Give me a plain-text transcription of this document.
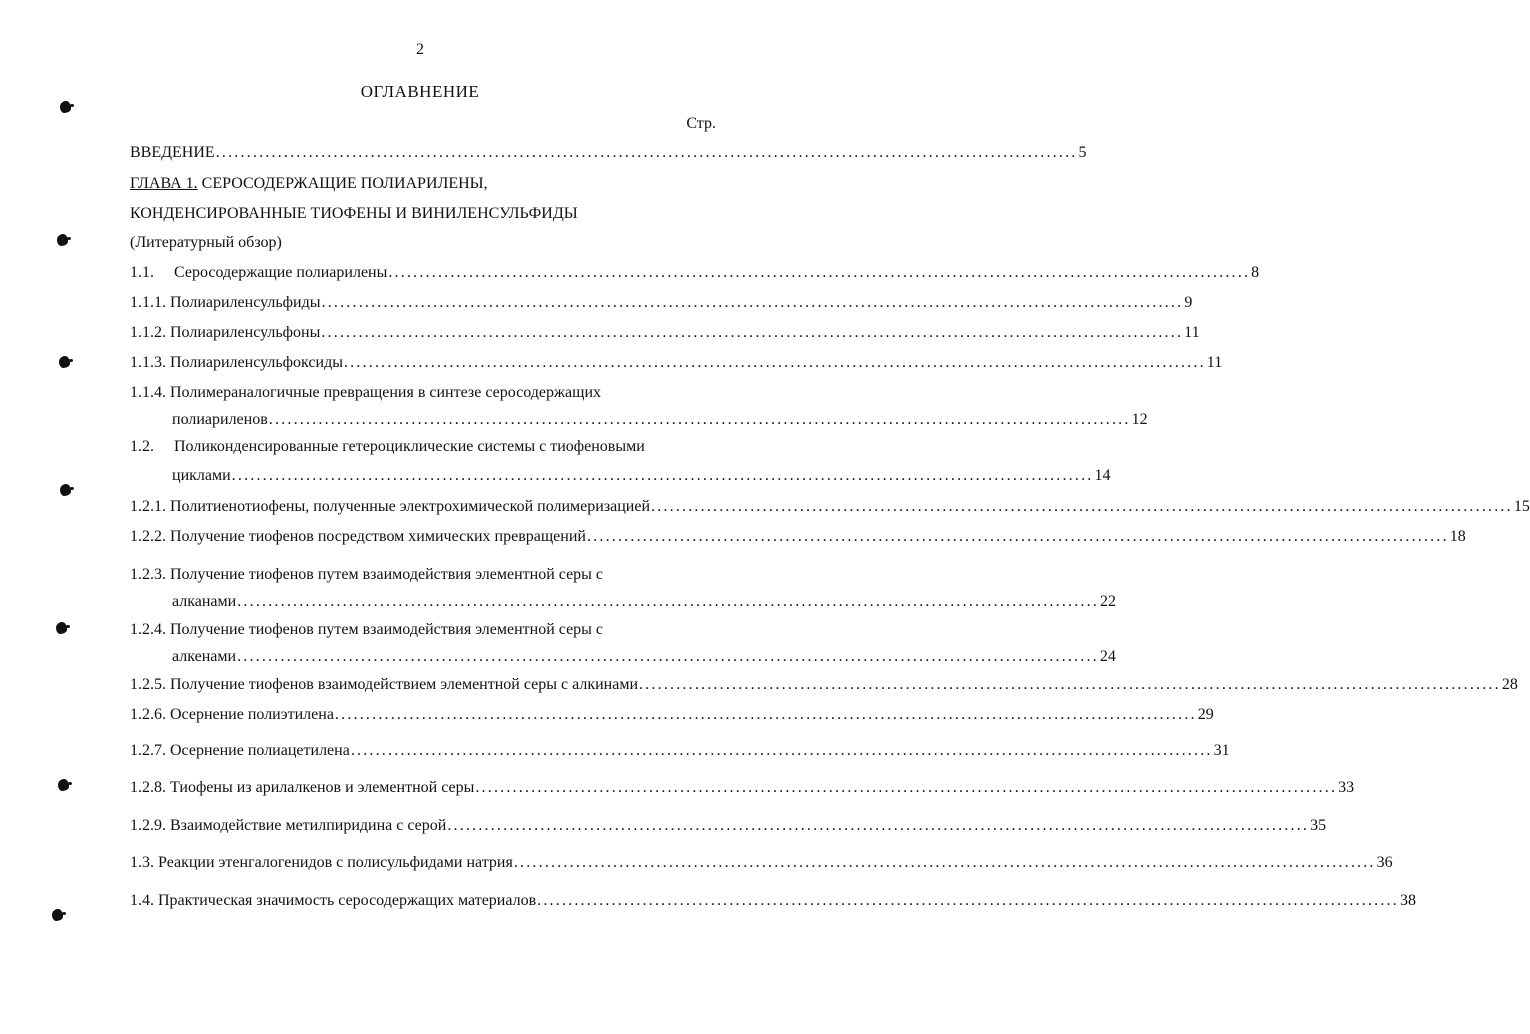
2
ОГЛАВНЕНИЕ
Стр.
ВВЕДЕНИЕ ........................................................................................................................................... 5
ГЛАВА 1. СЕРОСОДЕРЖАЩИЕ ПОЛИАРИЛЕНЫ,
КОНДЕНСИРОВАННЫЕ ТИОФЕНЫ И ВИНИЛЕНСУЛЬФИДЫ
(Литературный обзор)
1.1.     Серосодержащие полиарилены ........................................................................................................................................... 8
1.1.1. Полиариленсульфиды ........................................................................................................................................... 9
1.1.2. Полиариленсульфоны ........................................................................................................................................... 11
1.1.3. Полиариленсульфоксиды ........................................................................................................................................... 11
1.1.4. Полимераналогичные превращения в синтезе серосодержащих
полиариленов ........................................................................................................................................... 12
1.2.     Поликонденсированные гетероциклические системы с тиофеновыми
циклами ........................................................................................................................................... 14
1.2.1. Политиенотиофены, полученные электрохимической полимеризацией ........................................................................................................................................... 15
1.2.2. Получение тиофенов посредством химических превращений ........................................................................................................................................... 18
1.2.3. Получение тиофенов путем взаимодействия элементной серы с
алканами ........................................................................................................................................... 22
1.2.4. Получение тиофенов путем взаимодействия элементной серы с
алкенами ........................................................................................................................................... 24
1.2.5. Получение тиофенов взаимодействием элементной серы с алкинами ........................................................................................................................................... 28
1.2.6. Осернение полиэтилена ........................................................................................................................................... 29
1.2.7. Осернение полиацетилена ........................................................................................................................................... 31
1.2.8. Тиофены из арилалкенов и элементной серы ........................................................................................................................................... 33
1.2.9. Взаимодействие метилпиридина с серой ........................................................................................................................................... 35
1.3. Реакции этенгалогенидов с полисульфидами натрия ........................................................................................................................................... 36
1.4. Практическая значимость серосодержащих материалов ........................................................................................................................................... 38
